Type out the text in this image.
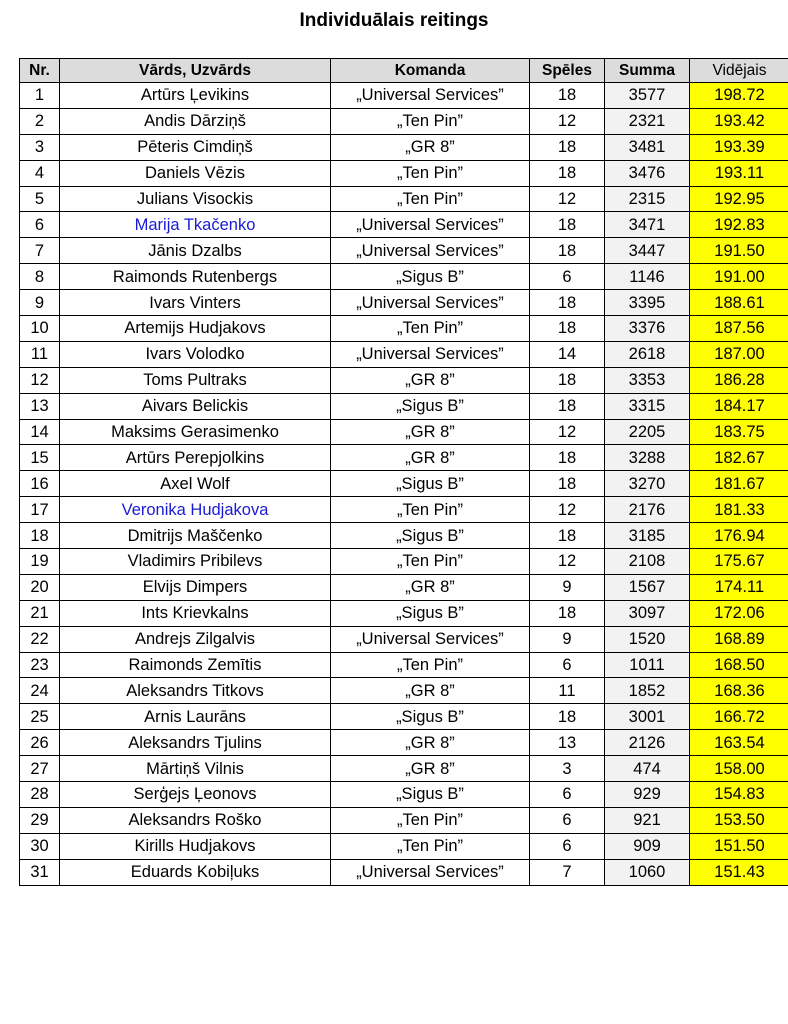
Individuālais reitings
Nr.	Vārds, Uzvārds	Komanda	Spēles	Summa	Vidējais
1	Artūrs Ļevikins	„Universal Services”	18	3577	198.72
2	Andis Dārziņš	„Ten Pin”	12	2321	193.42
3	Pēteris Cimdiņš	„GR 8”	18	3481	193.39
4	Daniels Vēzis	„Ten Pin”	18	3476	193.11
5	Julians Visockis	„Ten Pin”	12	2315	192.95
6	Marija Tkačenko	„Universal Services”	18	3471	192.83
7	Jānis Dzalbs	„Universal Services”	18	3447	191.50
8	Raimonds Rutenbergs	„Sigus B”	6	1146	191.00
9	Ivars Vinters	„Universal Services”	18	3395	188.61
10	Artemijs Hudjakovs	„Ten Pin”	18	3376	187.56
11	Ivars Volodko	„Universal Services”	14	2618	187.00
12	Toms Pultraks	„GR 8”	18	3353	186.28
13	Aivars Belickis	„Sigus B”	18	3315	184.17
14	Maksims Gerasimenko	„GR 8”	12	2205	183.75
15	Artūrs Perepjolkins	„GR 8”	18	3288	182.67
16	Axel Wolf	„Sigus B”	18	3270	181.67
17	Veronika Hudjakova	„Ten Pin”	12	2176	181.33
18	Dmitrijs Maščenko	„Sigus B”	18	3185	176.94
19	Vladimirs Pribilevs	„Ten Pin”	12	2108	175.67
20	Elvijs Dimpers	„GR 8”	9	1567	174.11
21	Ints Krievkalns	„Sigus B”	18	3097	172.06
22	Andrejs Zilgalvis	„Universal Services”	9	1520	168.89
23	Raimonds Zemītis	„Ten Pin”	6	1011	168.50
24	Aleksandrs Titkovs	„GR 8”	11	1852	168.36
25	Arnis Laurāns	„Sigus B”	18	3001	166.72
26	Aleksandrs Tjulins	„GR 8”	13	2126	163.54
27	Mārtiņš Vilnis	„GR 8”	3	474	158.00
28	Serģejs Ļeonovs	„Sigus B”	6	929	154.83
29	Aleksandrs Roško	„Ten Pin”	6	921	153.50
30	Kirills Hudjakovs	„Ten Pin”	6	909	151.50
31	Eduards Kobiļuks	„Universal Services”	7	1060	151.43
